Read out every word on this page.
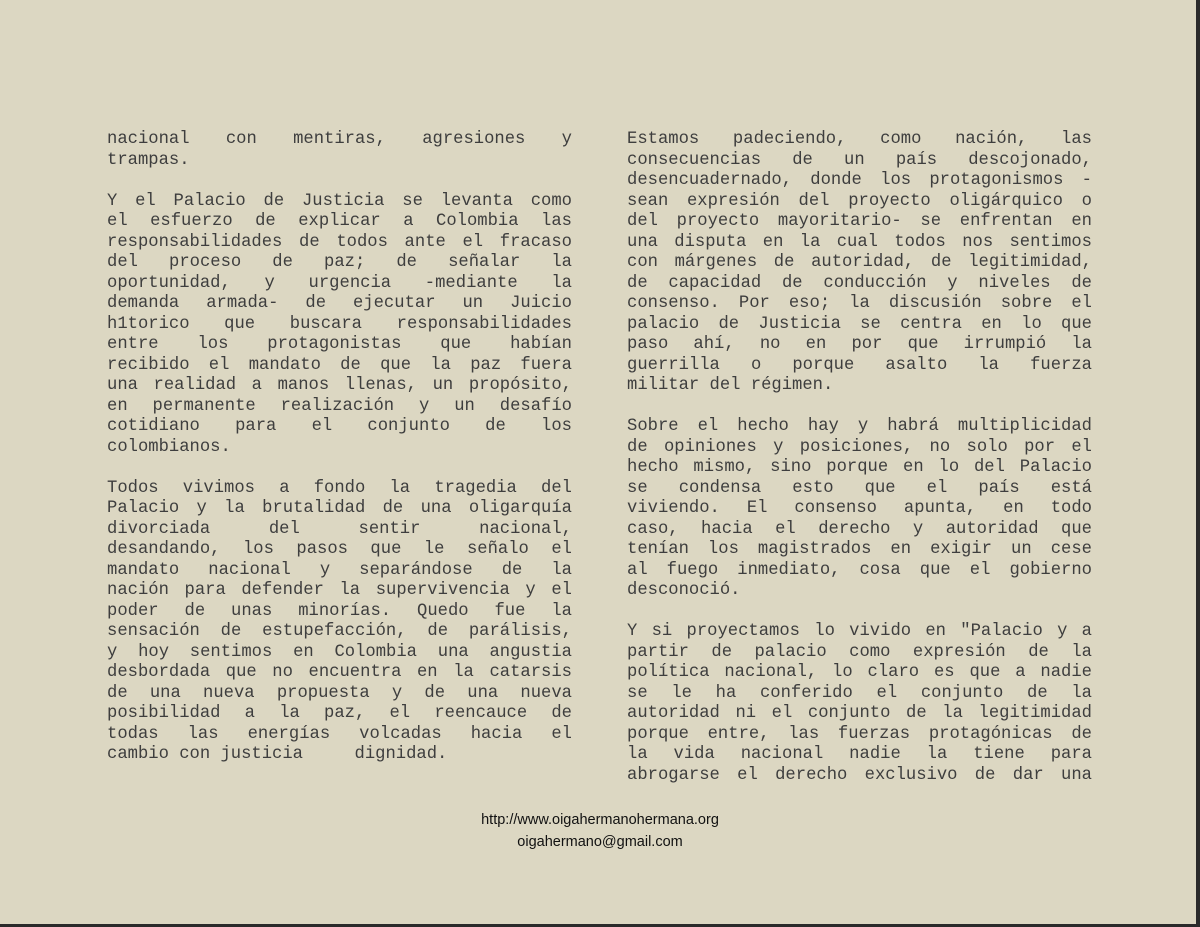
nacional con mentiras, agresiones y
trampas.
Y el Palacio de Justicia se levanta como
el esfuerzo de explicar a Colombia las
responsabilidades de todos ante el fracaso
del proceso de paz; de señalar la
oportunidad, y urgencia -mediante la
demanda armada- de ejecutar un Juicio
h1torico que buscara responsabilidades
entre los protagonistas que habían
recibido el mandato de que la paz fuera
una realidad a manos llenas, un propósito,
en permanente realización y un desafío
cotidiano para el conjunto de los
colombianos.
Todos vivimos a fondo la tragedia del
Palacio y la brutalidad de una oligarquía
divorciada del sentir nacional,
desandando, los pasos que le señalo el
mandato nacional y separándose de la
nación para defender la supervivencia y el
poder de unas minorías. Quedo fue la
sensación de estupefacción, de parálisis,
y hoy sentimos en Colombia una angustia
desbordada que no encuentra en la catarsis
de una nueva propuesta y de una nueva
posibilidad a la paz, el reencauce de
todas las energías volcadas hacia el
cambio con justicia     dignidad.
Estamos padeciendo, como nación, las
consecuencias de un país descojonado,
desencuadernado, donde los protagonismos -
sean expresión del proyecto oligárquico o
del proyecto mayoritario- se enfrentan en
una disputa en la cual todos nos sentimos
con márgenes de autoridad, de legitimidad,
de capacidad de conducción y niveles de
consenso. Por eso; la discusión sobre el
palacio de Justicia se centra en lo que
paso ahí, no en por que irrumpió la
guerrilla o porque asalto la fuerza
militar del régimen.
Sobre el hecho hay y habrá multiplicidad
de opiniones y posiciones, no solo por el
hecho mismo, sino porque en lo del Palacio
se condensa esto que el país está
viviendo. El consenso apunta, en todo
caso, hacia el derecho y autoridad que
tenían los magistrados en exigir un cese
al fuego inmediato, cosa que el gobierno
desconoció.
Y si proyectamos lo vivido en "Palacio y a
partir de palacio como expresión de la
política nacional, lo claro es que a nadie
se le ha conferido el conjunto de la
autoridad ni el conjunto de la legitimidad
porque entre, las fuerzas protagónicas de
la vida nacional nadie la tiene para
abrogarse el derecho exclusivo de dar una
http://www.oigahermanohermana.org
oigahermano@gmail.com
